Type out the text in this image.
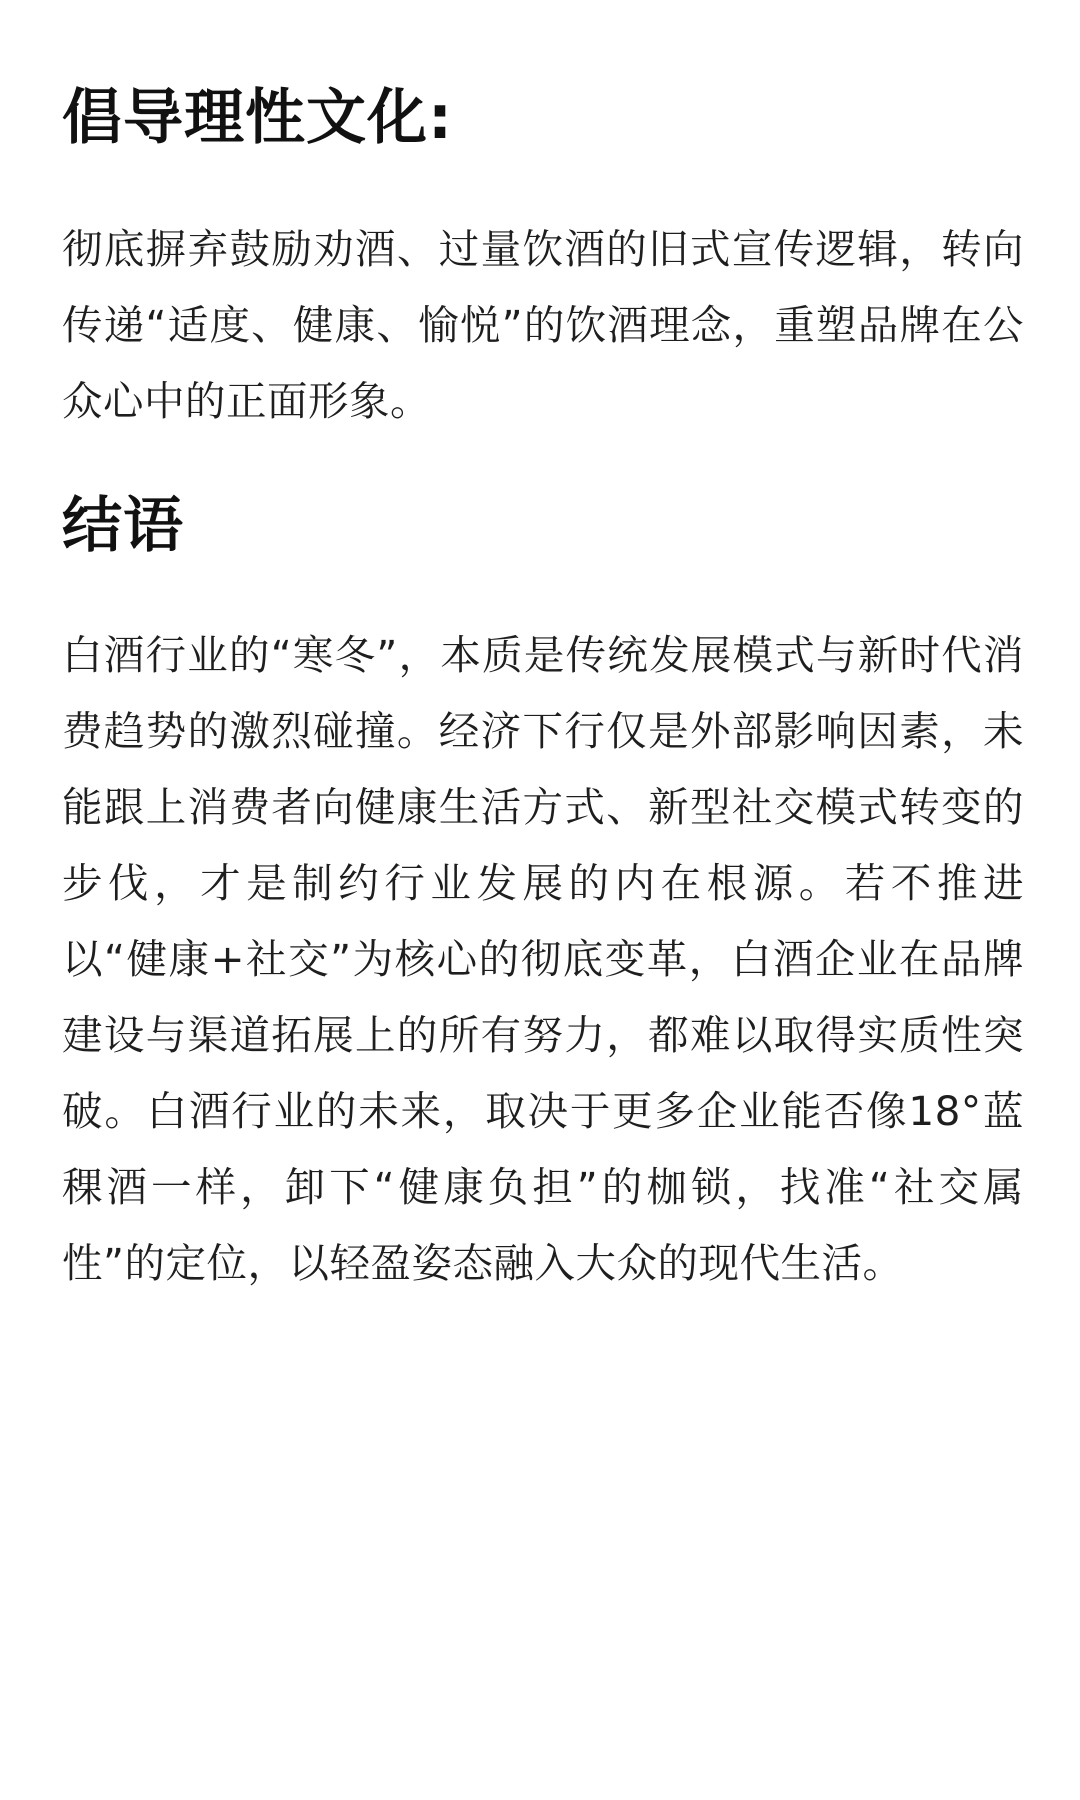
倡导理性文化:

彻底摒弃鼓励劝酒、过量饮酒的旧式宣传逻辑，转向传递“适度、健康、愉悦”的饮酒理念，重塑品牌在公众心中的正面形象。

结语

白酒行业的“寒冬”，本质是传统发展模式与新时代消费趋势的激烈碰撞。经济下行仅是外部影响因素，未能跟上消费者向健康生活方式、新型社交模式转变的步伐，才是制约行业发展的内在根源。若不推进以“健康+社交”为核心的彻底变革，白酒企业在品牌建设与渠道拓展上的所有努力，都难以取得实质性突破。白酒行业的未来，取决于更多企业能否像18°蓝稞酒一样，卸下“健康负担”的枷锁，找准“社交属性”的定位，以轻盈姿态融入大众的现代生活。
